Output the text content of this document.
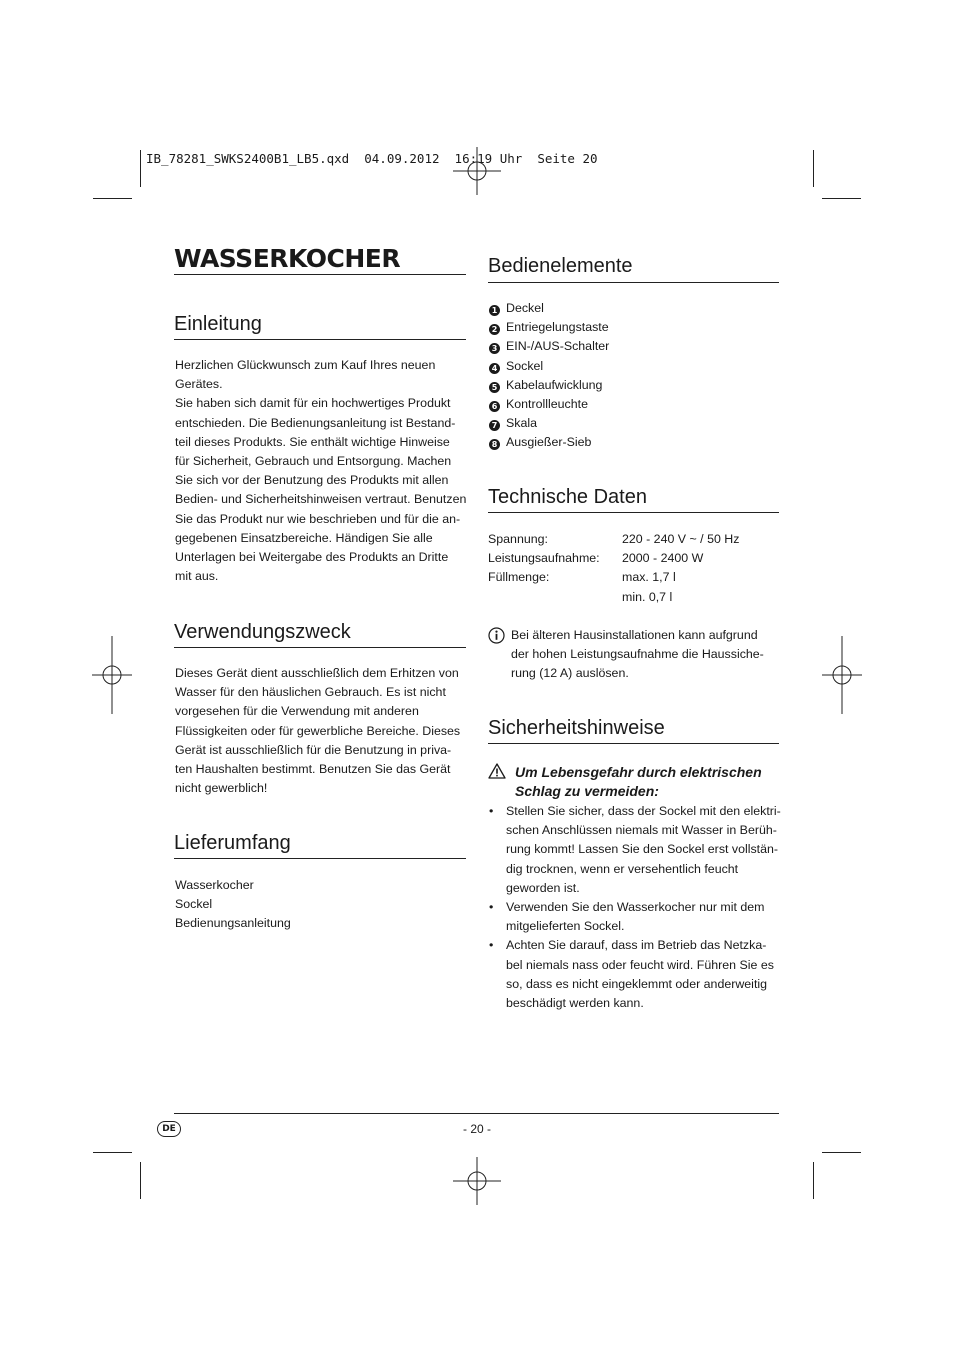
IB_78281_SWKS2400B1_LB5.qxd  04.09.2012  16:19 Uhr  Seite 20
WASSERKOCHER
Einleitung
Herzlichen Glückwunsch zum Kauf Ihres neuen
Gerätes.
Sie haben sich damit für ein hochwertiges Produkt
entschieden. Die Bedienungsanleitung ist Bestand-
teil dieses Produkts. Sie enthält wichtige Hinweise
für Sicherheit, Gebrauch und Entsorgung. Machen
Sie sich vor der Benutzung des Produkts mit allen
Bedien- und Sicherheitshinweisen vertraut. Benutzen
Sie das Produkt nur wie beschrieben und für die an-
gegebenen Einsatzbereiche. Händigen Sie alle
Unterlagen bei Weitergabe des Produkts an Dritte
mit aus.
Verwendungszweck
Dieses Gerät dient ausschließlich dem Erhitzen von
Wasser für den häuslichen Gebrauch. Es ist nicht
vorgesehen für die Verwendung mit anderen
Flüssigkeiten oder für gewerbliche Bereiche. Dieses
Gerät ist ausschließlich für die Benutzung in priva-
ten Haushalten bestimmt. Benutzen Sie das Gerät
nicht gewerblich!
Lieferumfang
Wasserkocher
Sockel
Bedienungsanleitung
Bedienelemente
1 Deckel
2 Entriegelungstaste
3 EIN-/AUS-Schalter
4 Sockel
5 Kabelaufwicklung
6 Kontrollleuchte
7 Skala
8 Ausgießer-Sieb
Technische Daten
Spannung:	220 - 240 V ~ / 50 Hz
Leistungsaufnahme: 2000 - 2400 W
Füllmenge:	max. 1,7 l
min. 0,7 l
Bei älteren Hausinstallationen kann aufgrund
der hohen Leistungsaufnahme die Haussiche-
rung (12 A) auslösen.
Sicherheitshinweise
Um Lebensgefahr durch elektrischen
Schlag zu vermeiden:
• Stellen Sie sicher, dass der Sockel mit den elektri-
schen Anschlüssen niemals mit Wasser in Berüh-
rung kommt! Lassen Sie den Sockel erst vollstän-
dig trocknen, wenn er versehentlich feucht
geworden ist.
• Verwenden Sie den Wasserkocher nur mit dem
mitgelieferten Sockel.
• Achten Sie darauf, dass im Betrieb das Netzka-
bel niemals nass oder feucht wird. Führen Sie es
so, dass es nicht eingeklemmt oder anderweitig
beschädigt werden kann.
DE	- 20 -
